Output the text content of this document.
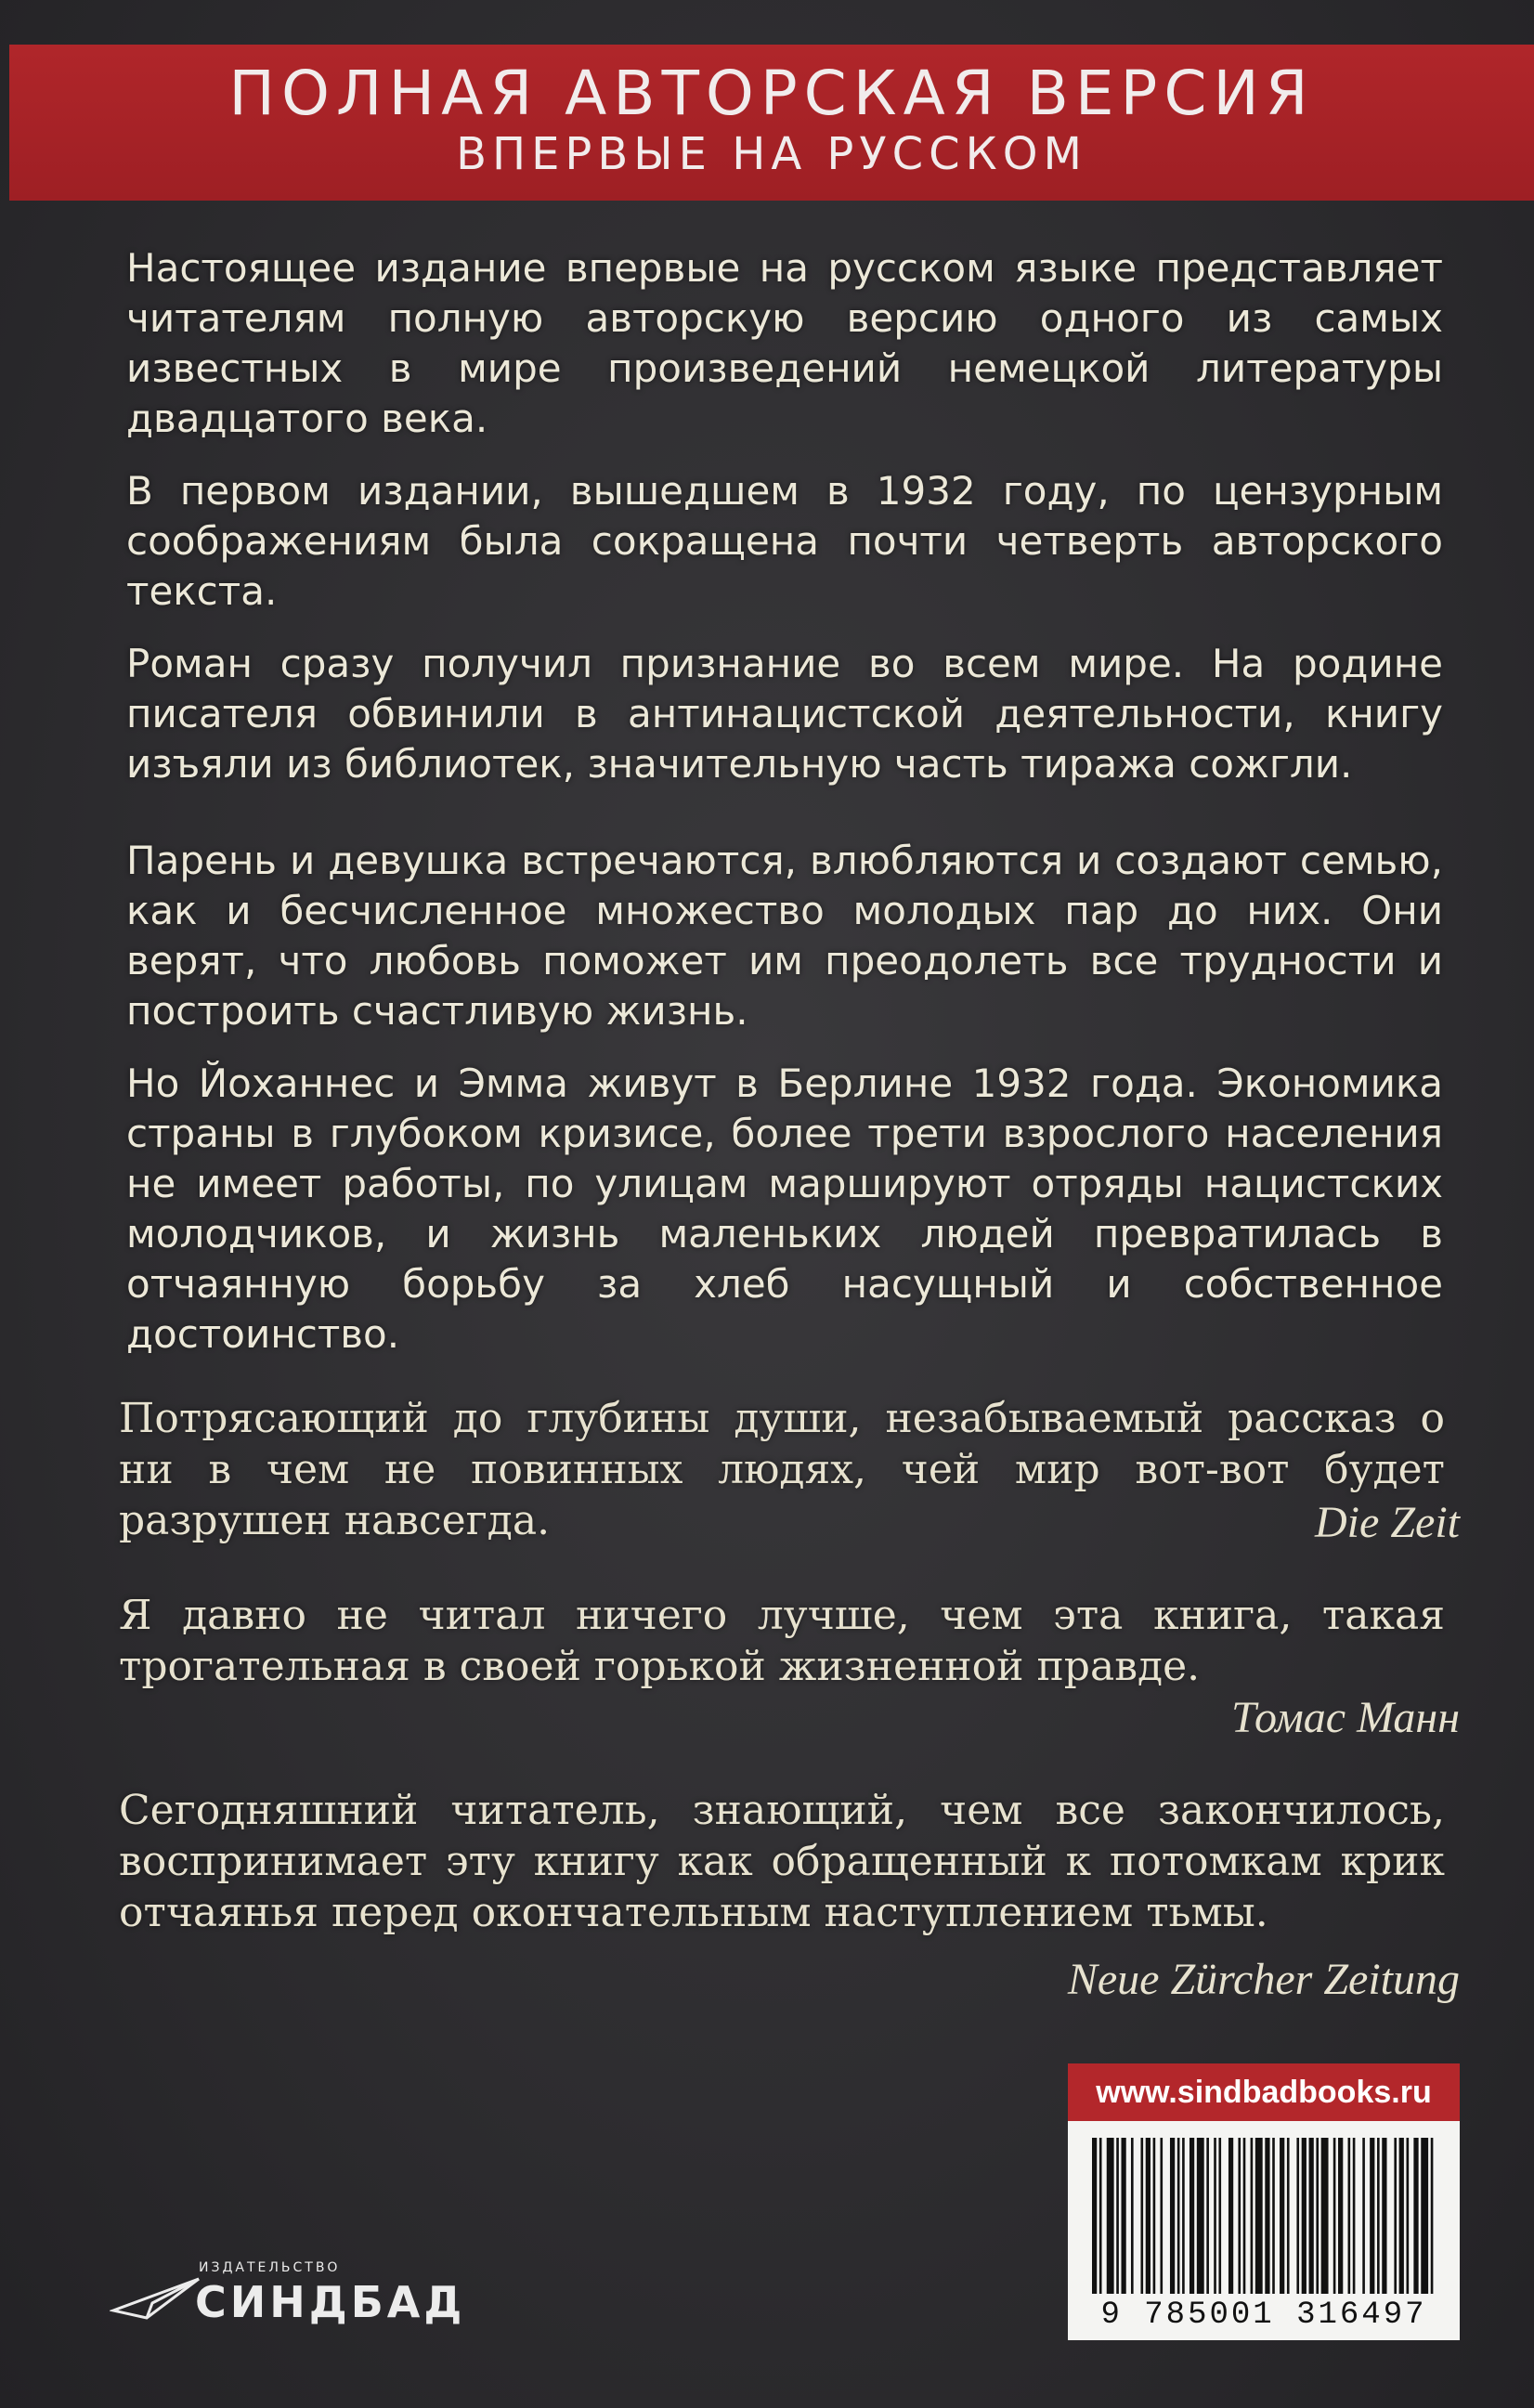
ПОЛНАЯ АВТОРСКАЯ ВЕРСИЯ
ВПЕРВЫЕ НА РУССКОМ

Настоящее издание впервые на русском языке представляет читателям полную авторскую версию одного из самых известных в мире произведений немецкой литературы двадцатого века.

В первом издании, вышедшем в 1932 году, по цензурным соображениям была сокращена почти четверть авторского текста.

Роман сразу получил признание во всем мире. На родине писателя обвинили в антинацистской деятельности, книгу изъяли из библиотек, значительную часть тиража сожгли.

Парень и девушка встречаются, влюбляются и создают семью, как и бесчисленное множество молодых пар до них. Они верят, что любовь поможет им преодолеть все трудности и построить счастливую жизнь.

Но Йоханнес и Эмма живут в Берлине 1932 года. Экономика страны в глубоком кризисе, более трети взрослого населения не имеет работы, по улицам маршируют отряды нацистских молодчиков, и жизнь маленьких людей превратилась в отчаянную борьбу за хлеб насущный и собственное достоинство.

Потрясающий до глубины души, незабываемый рассказ о ни в чем не повинных людях, чей мир вот-вот будет разрушен навсегда.	Die Zeit

Я давно не читал ничего лучше, чем эта книга, такая трогательная в своей горькой жизненной правде.

Томас Манн

Сегодняшний читатель, знающий, чем все закончилось, воспринимает эту книгу как обращенный к потомкам крик отчаянья перед окончательным наступлением тьмы.

Neue Zürcher Zeitung
www.sindbadbooks.ru
9 785001 316497
ИЗДАТЕЛЬСТВО
СИНДБАД
